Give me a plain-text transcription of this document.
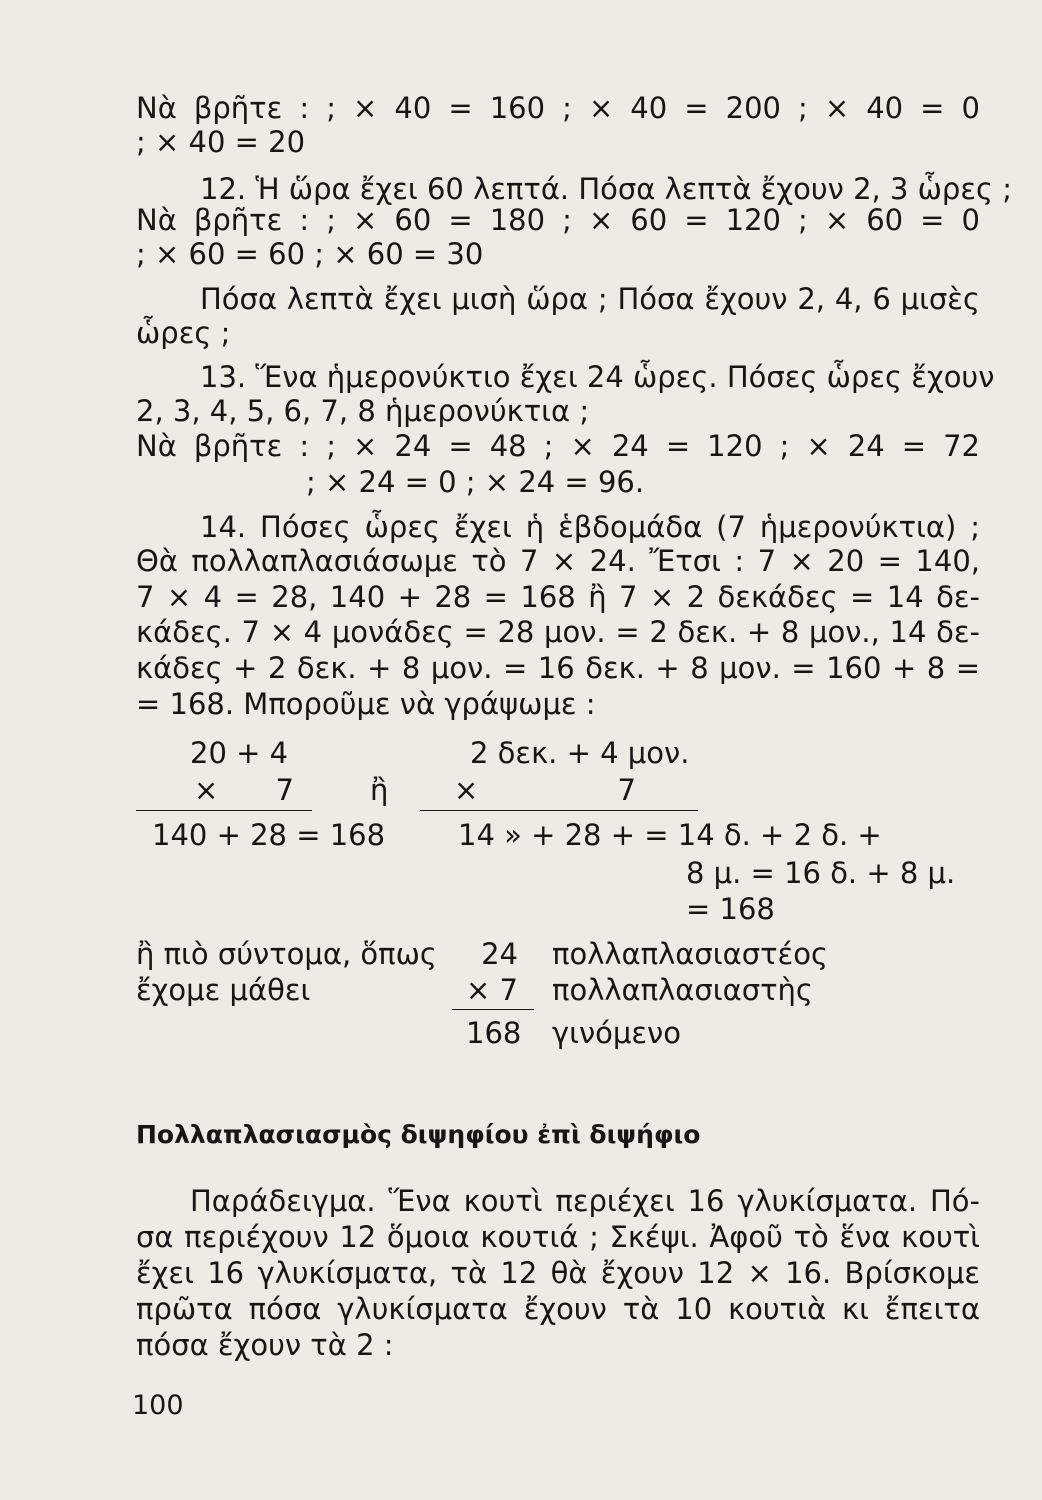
Νὰ βρῆτε : ; × 40 = 160 ; × 40 = 200 ; × 40 = 0
; × 40 = 20
12. Ἡ ὥρα ἔχει 60 λεπτά. Πόσα λεπτὰ ἔχουν 2, 3 ὧρες ;
Νὰ βρῆτε : ; × 60 = 180 ; × 60 = 120 ; × 60 = 0
; × 60 = 60 ; × 60 = 30
Πόσα λεπτὰ ἔχει μισὴ ὥρα ; Πόσα ἔχουν 2, 4, 6 μισὲς
ὧρες ;
13. Ἕνα ἡμερονύκτιο ἔχει 24 ὧρες. Πόσες ὧρες ἔχουν
2, 3, 4, 5, 6, 7, 8 ἡμερονύκτια ;
Νὰ βρῆτε : ; × 24 = 48 ; × 24 = 120 ; × 24 = 72
; × 24 = 0 ; × 24 = 96.
14. Πόσες ὧρες ἔχει ἡ ἑβδομάδα (7 ἡμερονύκτια) ;
Θὰ πολλαπλασιάσωμε τὸ 7 × 24. Ἔτσι : 7 × 20 = 140,
7 × 4 = 28, 140 + 28 = 168 ἢ 7 × 2 δεκάδες = 14 δε-
κάδες. 7 × 4 μονάδες = 28 μον. = 2 δεκ. + 8 μον., 14 δε-
κάδες + 2 δεκ. + 8 μον. = 16 δεκ. + 8 μον. = 160 + 8 =
= 168. Μποροῦμε νὰ γράψωμε :
20 + 4
× 7
140 + 28 = 168
ἢ
2 δεκ. + 4 μον.
× 7
14 » + 28 + = 14 δ. + 2 δ. +
8 μ. = 16 δ. + 8 μ.
= 168
ἢ πιὸ σύντομα, ὅπως
ἔχομε μάθει
24
× 7
168
πολλαπλασιαστέος
πολλαπλασιαστὴς
γινόμενο
Πολλαπλασιασμὸς διψηφίου ἐπὶ διψήφιο
Παράδειγμα. Ἕνα κουτὶ περιέχει 16 γλυκίσματα. Πό-
σα περιέχουν 12 ὅμοια κουτιά ; Σκέψι. Ἀφοῦ τὸ ἕνα κουτὶ
ἔχει 16 γλυκίσματα, τὰ 12 θὰ ἔχουν 12 × 16. Βρίσκομε
πρῶτα πόσα γλυκίσματα ἔχουν τὰ 10 κουτιὰ κι ἔπειτα
πόσα ἔχουν τὰ 2 :
100
